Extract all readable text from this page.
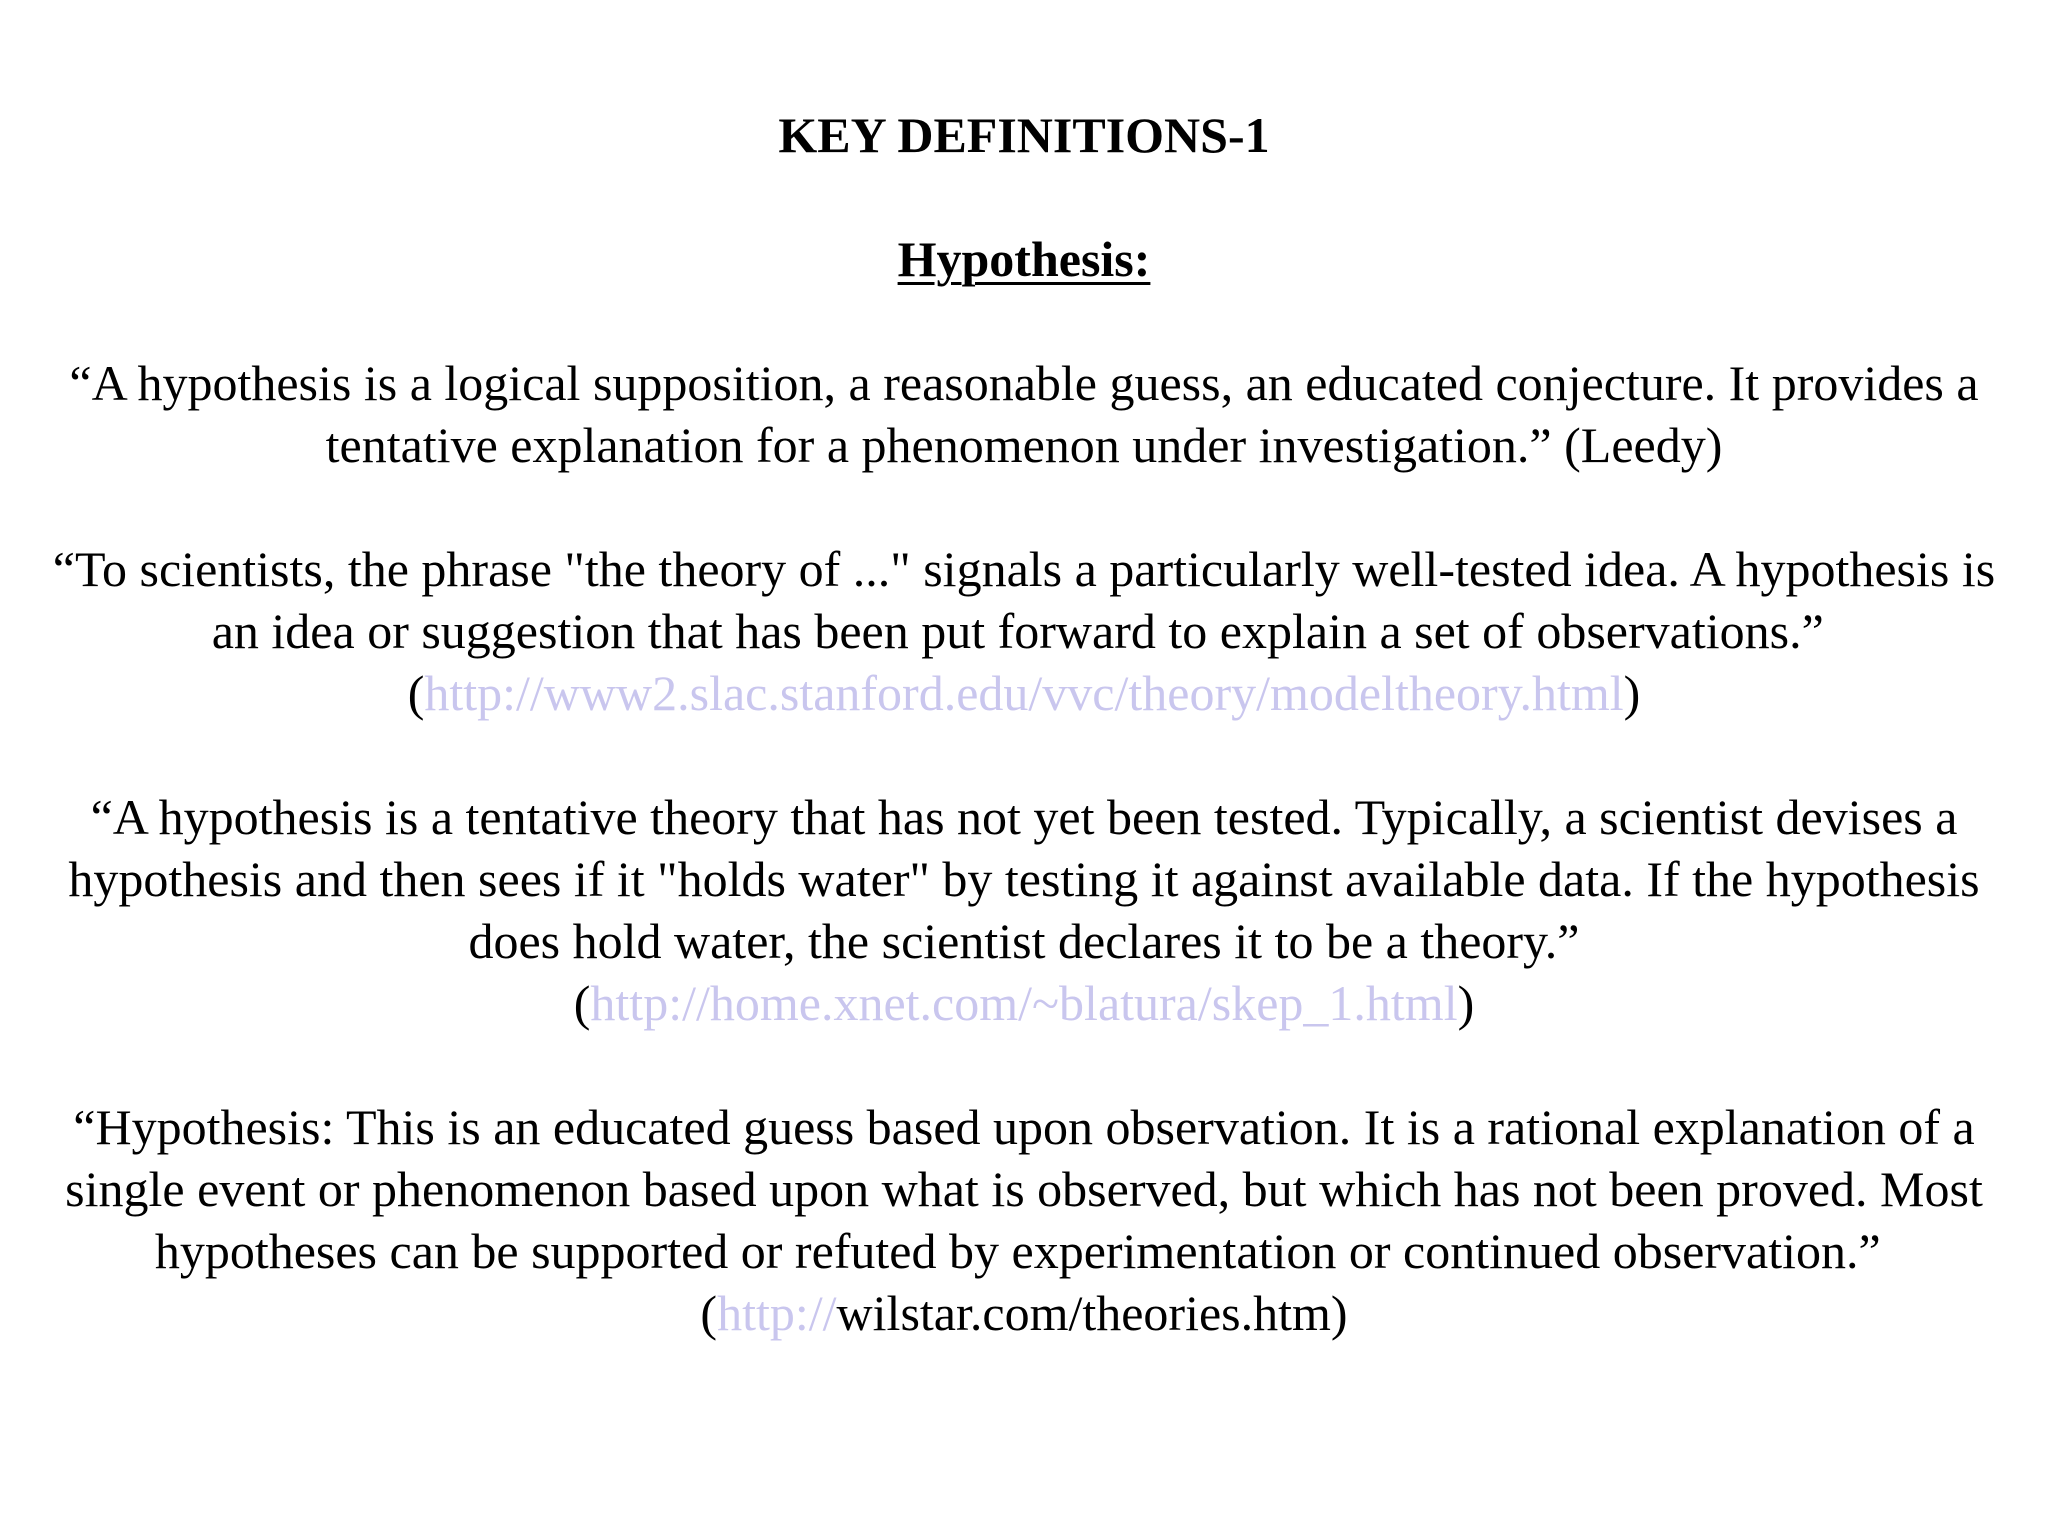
KEY DEFINITIONS-1
Hypothesis:

“A hypothesis is a logical supposition, a reasonable guess, an educated conjecture. It provides a tentative explanation for a phenomenon under investigation.” (Leedy)

“To scientists, the phrase "the theory of ..." signals a particularly well-tested idea. A hypothesis is an idea or suggestion that has been put forward to explain a set of observations.”  (http://www2.slac.stanford.edu/vvc/theory/modeltheory.html)

“A hypothesis is a tentative theory that has not yet been tested. Typically, a scientist devises a hypothesis and then sees if it "holds water" by testing it against available data. If the hypothesis does hold water, the scientist declares it to be a theory.”
(http://home.xnet.com/~blatura/skep_1.html)

“Hypothesis: This is an educated guess based upon observation. It is a rational explanation of a single event or phenomenon based upon what is observed, but which has not been proved. Most hypotheses can be supported or refuted by experimentation or continued observation.”  (http://wilstar.com/theories.htm)
